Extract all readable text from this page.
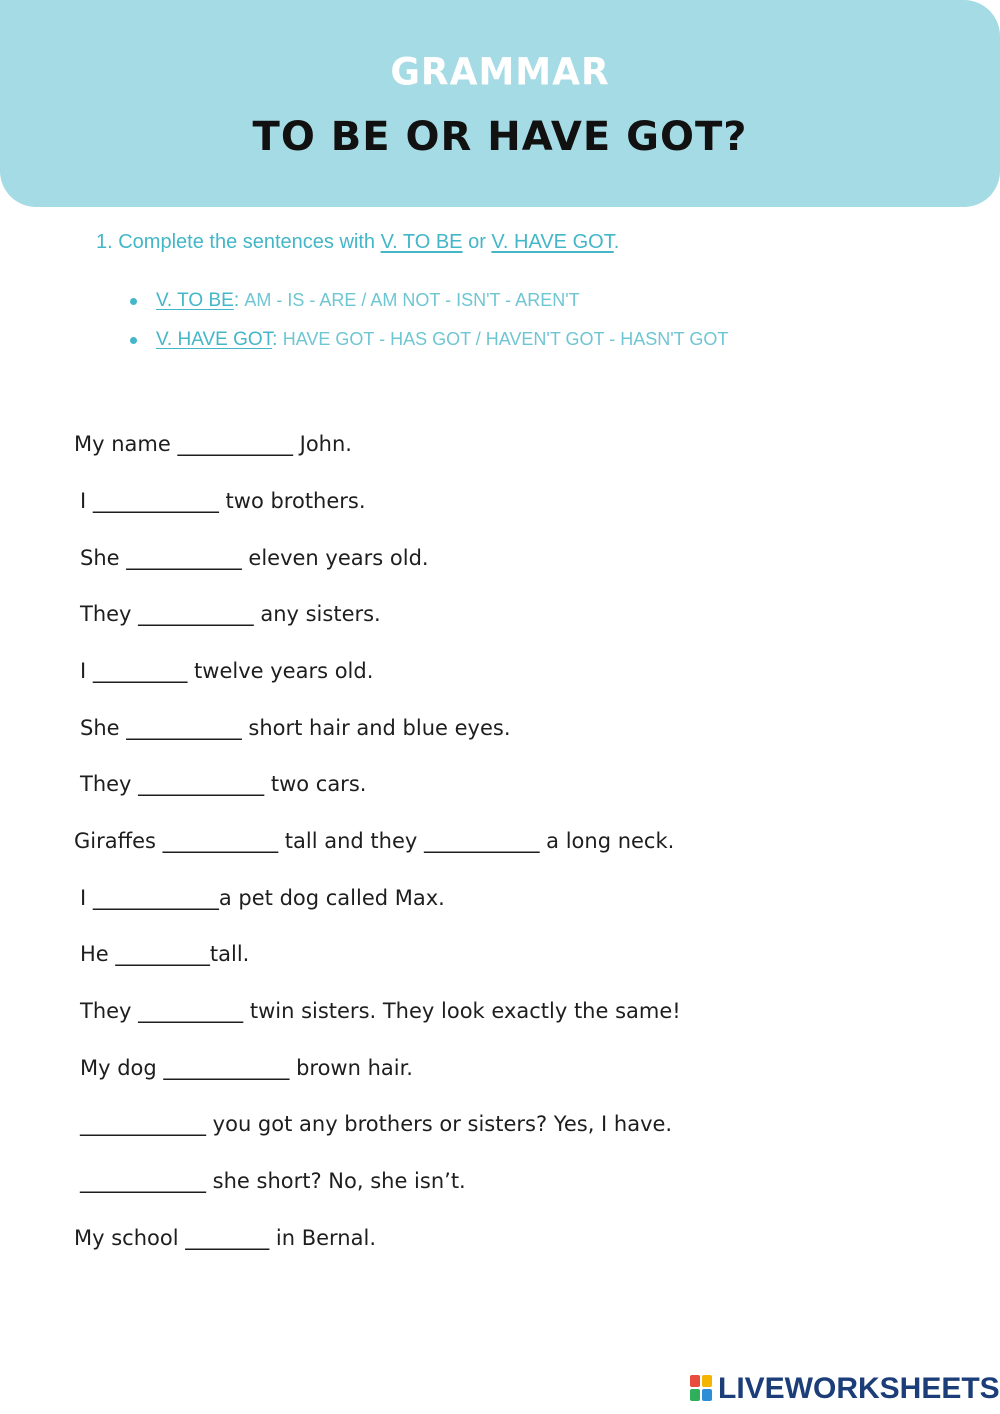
GRAMMAR
TO BE OR HAVE GOT?
1. Complete the sentences with V. TO BE or V. HAVE GOT.
V. TO BE: AM - IS - ARE / AM NOT - ISN'T - AREN'T
V. HAVE GOT: HAVE GOT - HAS GOT / HAVEN'T GOT - HASN'T GOT
My name ___________ John.
I ____________ two brothers.
She ___________ eleven years old.
They ___________ any sisters.
I _________ twelve years old.
She ___________ short hair and blue eyes.
They ____________ two cars.
Giraffes ___________ tall and they ___________ a long neck.
I ____________a pet dog called Max.
He _________tall.
They __________ twin sisters. They look exactly the same!
My dog ____________ brown hair.
____________ you got any brothers or sisters? Yes, I have.
____________ she short? No, she isn’t.
My school ________ in Bernal.
LIVEWORKSHEETS
